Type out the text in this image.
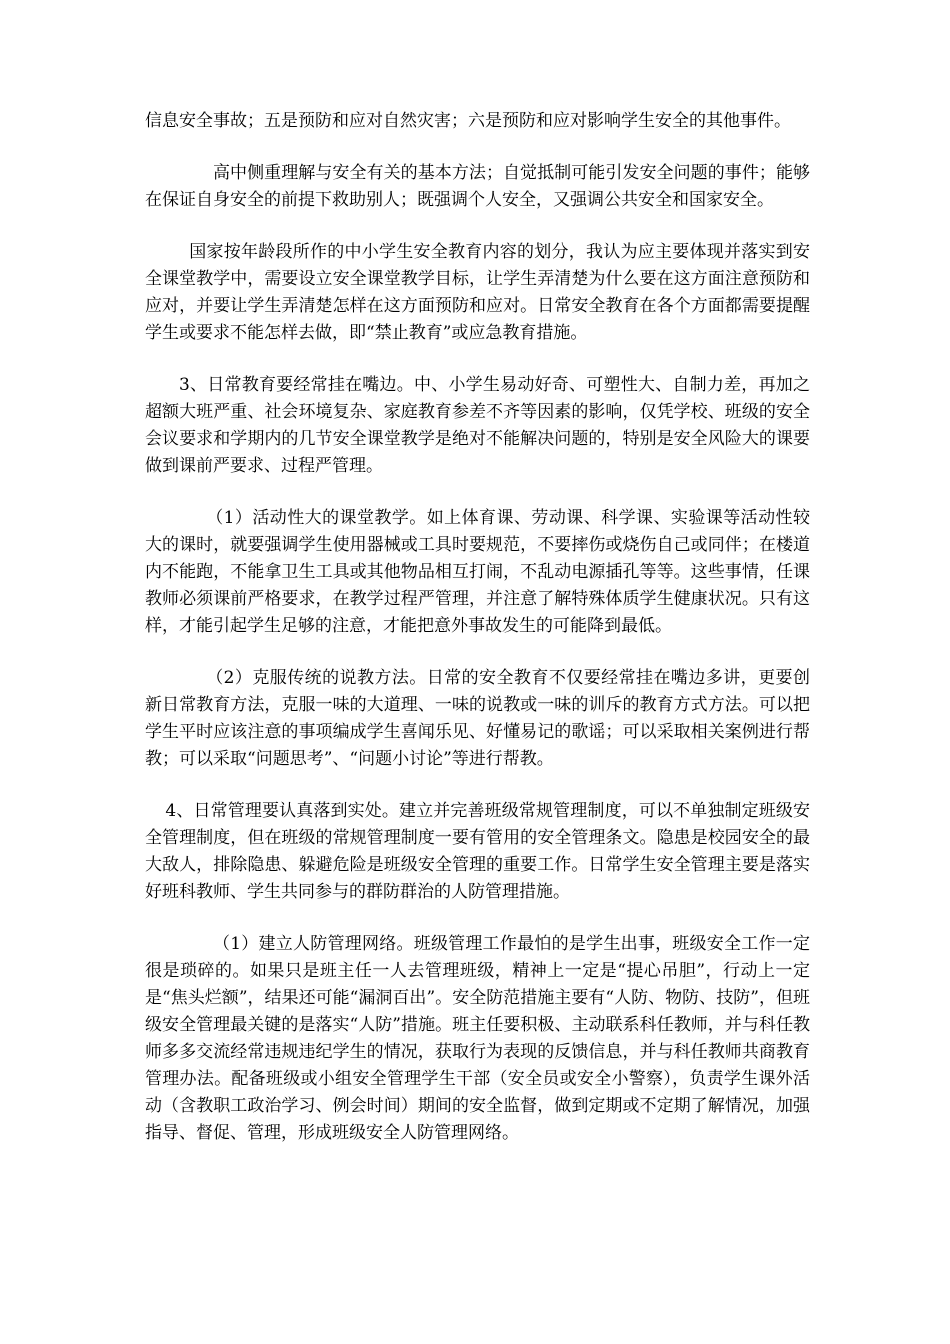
信息安全事故；五是预防和应对自然灾害；六是预防和应对影响学生安全的其他事件。

高中侧重理解与安全有关的基本方法；自觉抵制可能引发安全问题的事件；能够在保证自身安全的前提下救助别人；既强调个人安全，又强调公共安全和国家安全。

国家按年龄段所作的中小学生安全教育内容的划分，我认为应主要体现并落实到安全课堂教学中，需要设立安全课堂教学目标，让学生弄清楚为什么要在这方面注意预防和应对，并要让学生弄清楚怎样在这方面预防和应对。日常安全教育在各个方面都需要提醒学生或要求不能怎样去做，即“禁止教育”或应急教育措施。

3、日常教育要经常挂在嘴边。中、小学生易动好奇、可塑性大、自制力差，再加之超额大班严重、社会环境复杂、家庭教育参差不齐等因素的影响，仅凭学校、班级的安全会议要求和学期内的几节安全课堂教学是绝对不能解决问题的，特别是安全风险大的课要做到课前严要求、过程严管理。

（1）活动性大的课堂教学。如上体育课、劳动课、科学课、实验课等活动性较大的课时，就要强调学生使用器械或工具时要规范，不要摔伤或烧伤自己或同伴；在楼道内不能跑，不能拿卫生工具或其他物品相互打闹，不乱动电源插孔等等。这些事情，任课教师必须课前严格要求，在教学过程严管理，并注意了解特殊体质学生健康状况。只有这样，才能引起学生足够的注意，才能把意外事故发生的可能降到最低。

（2）克服传统的说教方法。日常的安全教育不仅要经常挂在嘴边多讲，更要创新日常教育方法，克服一味的大道理、一味的说教或一味的训斥的教育方式方法。可以把学生平时应该注意的事项编成学生喜闻乐见、好懂易记的歌谣；可以采取相关案例进行帮教；可以采取“问题思考”、“问题小讨论”等进行帮教。

4、日常管理要认真落到实处。建立并完善班级常规管理制度，可以不单独制定班级安全管理制度，但在班级的常规管理制度一要有管用的安全管理条文。隐患是校园安全的最大敌人，排除隐患、躲避危险是班级安全管理的重要工作。日常学生安全管理主要是落实好班科教师、学生共同参与的群防群治的人防管理措施。

（1）建立人防管理网络。班级管理工作最怕的是学生出事，班级安全工作一定很是琐碎的。如果只是班主任一人去管理班级，精神上一定是“提心吊胆”，行动上一定是“焦头烂额”，结果还可能“漏洞百出”。安全防范措施主要有“人防、物防、技防”，但班级安全管理最关键的是落实“人防”措施。班主任要积极、主动联系科任教师，并与科任教师多多交流经常违规违纪学生的情况，获取行为表现的反馈信息，并与科任教师共商教育管理办法。配备班级或小组安全管理学生干部（安全员或安全小警察），负责学生课外活动（含教职工政治学习、例会时间）期间的安全监督，做到定期或不定期了解情况，加强指导、督促、管理，形成班级安全人防管理网络。
